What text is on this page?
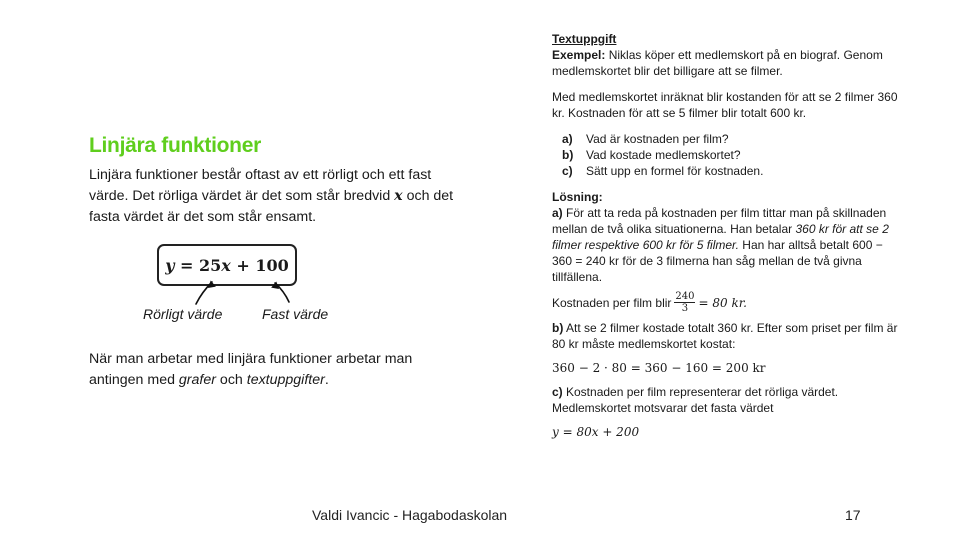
Linjära funktioner
Linjära funktioner består oftast av ett rörligt och ett fast värde. Det rörliga värdet är det som står bredvid x och det fasta värdet är det som står ensamt.
y = 25 x + 100
Rörligt värde	Fast värde
När man arbetar med linjära funktioner arbetar man antingen med grafer och textuppgifter.

Textuppgift

Exempel: Niklas köper ett medlemskort på en biograf. Genom medlemskortet blir det billigare att se filmer.

Med medlemskortet inräknat blir kostanden för att se 2 filmer 360 kr. Kostnaden för att se 5 filmer blir totalt 600 kr.

a)	Vad är kostnaden per film?
b)	Vad kostade medlemskortet?
c)	Sätt upp en formel för kostnaden.

Lösning:

a) För att ta reda på kostnaden per film tittar man på skillnaden mellan de två olika situationerna. Han betalar 360 kr för att se 2 filmer respektive 600 kr för 5 filmer. Han har alltså betalt 600 − 360 = 240 kr för de 3 filmerna han såg mellan de två givna tillfällena.

Kostnaden per film blir $\frac{240}{3} = 80$ kr.

b) Att se 2 filmer kostade totalt 360 kr. Efter som priset per film är 80 kr måste medlemskortet kostat:

360 − 2 · 80 = 360 − 160 = 200 kr

c) Kostnaden per film representerar det rörliga värdet. Medlemskortet motsvarar det fasta värdet

y = 80x + 200

Valdi Ivancic - Hagabodaskolan	17
